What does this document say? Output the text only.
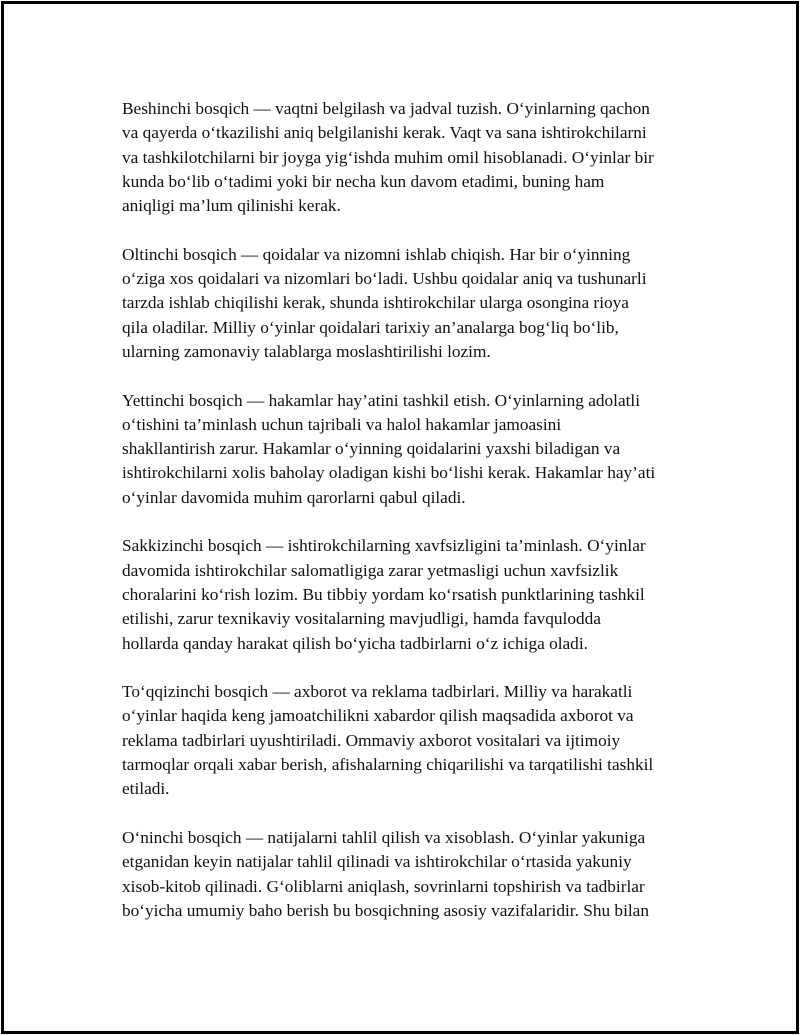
Beshinchi bosqich — vaqtni belgilash va jadval tuzish. O‘yinlarning qachon
va qayerda o‘tkazilishi aniq belgilanishi kerak. Vaqt va sana ishtirokchilarni
va tashkilotchilarni bir joyga yig‘ishda muhim omil hisoblanadi. O‘yinlar bir
kunda bo‘lib o‘tadimi yoki bir necha kun davom etadimi, buning ham
aniqligi ma’lum qilinishi kerak.

Oltinchi bosqich — qoidalar va nizomni ishlab chiqish. Har bir o‘yinning
o‘ziga xos qoidalari va nizomlari bo‘ladi. Ushbu qoidalar aniq va tushunarli
tarzda ishlab chiqilishi kerak, shunda ishtirokchilar ularga osongina rioya
qila oladilar. Milliy o‘yinlar qoidalari tarixiy an’analarga bog‘liq bo‘lib,
ularning zamonaviy talablarga moslashtirilishi lozim.

Yettinchi bosqich — hakamlar hay’atini tashkil etish. O‘yinlarning adolatli
o‘tishini ta’minlash uchun tajribali va halol hakamlar jamoasini
shakllantirish zarur. Hakamlar o‘yinning qoidalarini yaxshi biladigan va
ishtirokchilarni xolis baholay oladigan kishi bo‘lishi kerak. Hakamlar hay’ati
o‘yinlar davomida muhim qarorlarni qabul qiladi.

Sakkizinchi bosqich — ishtirokchilarning xavfsizligini ta’minlash. O‘yinlar
davomida ishtirokchilar salomatligiga zarar yetmasligi uchun xavfsizlik
choralarini ko‘rish lozim. Bu tibbiy yordam ko‘rsatish punktlarining tashkil
etilishi, zarur texnikaviy vositalarning mavjudligi, hamda favqulodda
hollarda qanday harakat qilish bo‘yicha tadbirlarni o‘z ichiga oladi.

To‘qqizinchi bosqich — axborot va reklama tadbirlari. Milliy va harakatli
o‘yinlar haqida keng jamoatchilikni xabardor qilish maqsadida axborot va
reklama tadbirlari uyushtiriladi. Ommaviy axborot vositalari va ijtimoiy
tarmoqlar orqali xabar berish, afishalarning chiqarilishi va tarqatilishi tashkil
etiladi.

O‘ninchi bosqich — natijalarni tahlil qilish va xisoblash. O‘yinlar yakuniga
etganidan keyin natijalar tahlil qilinadi va ishtirokchilar o‘rtasida yakuniy
xisob-kitob qilinadi. G‘oliblarni aniqlash, sovrinlarni topshirish va tadbirlar
bo‘yicha umumiy baho berish bu bosqichning asosiy vazifalaridir. Shu bilan
